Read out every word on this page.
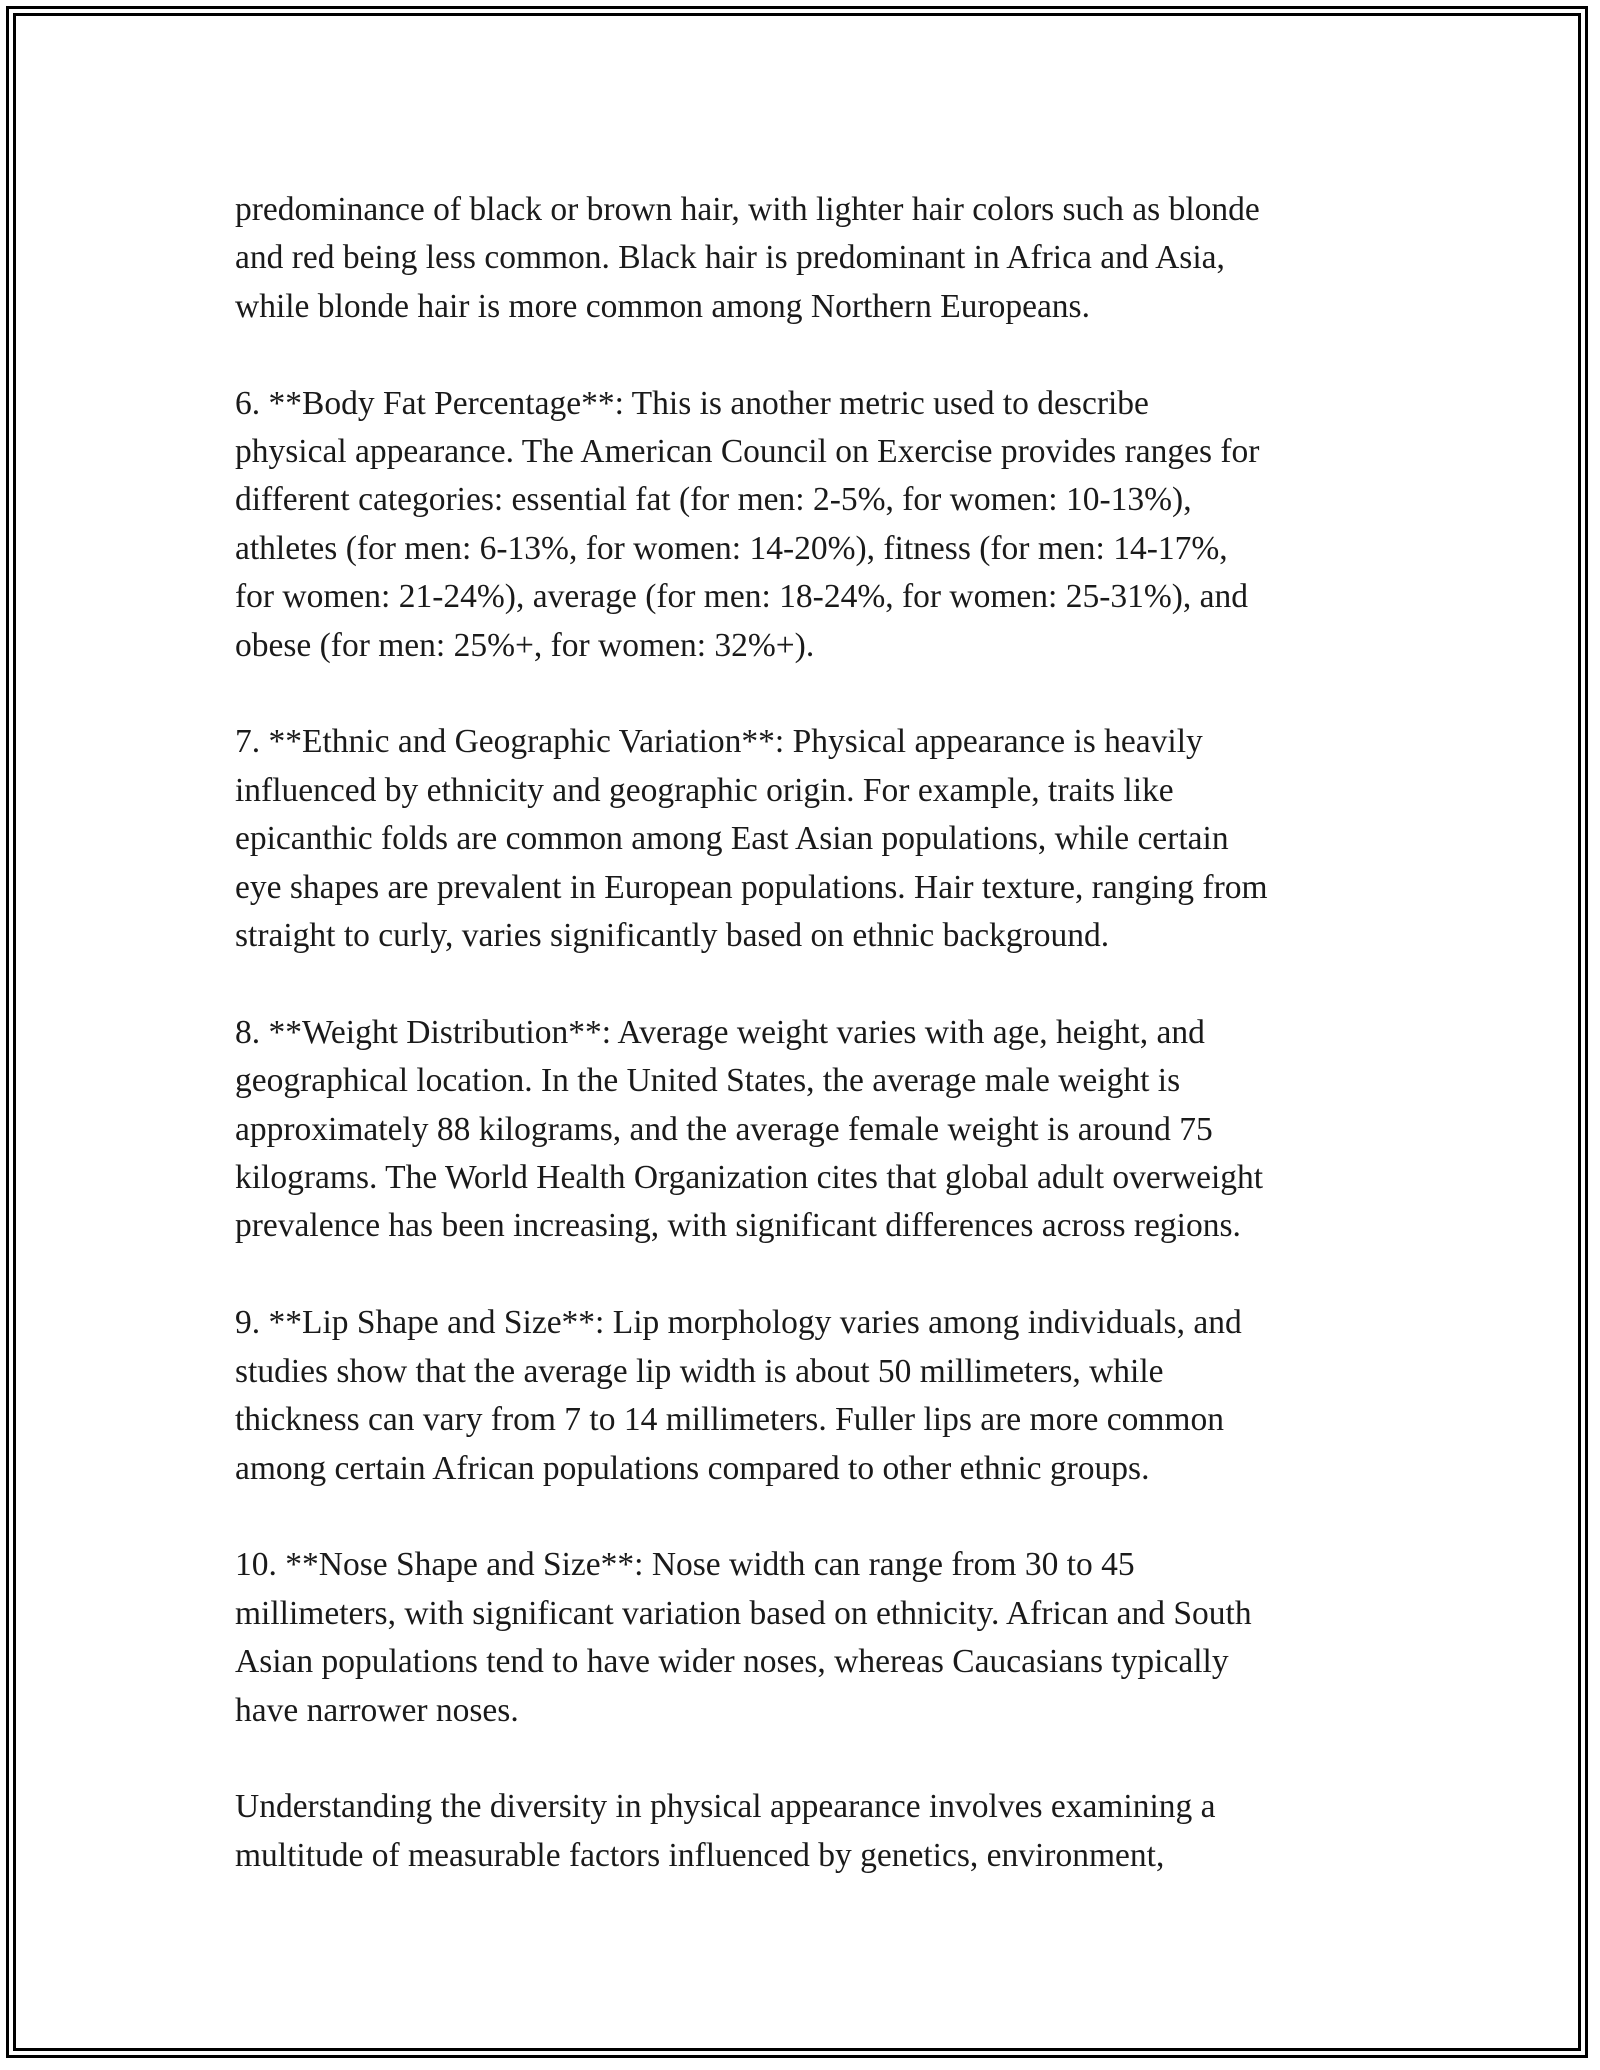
predominance of black or brown hair, with lighter hair colors such as blonde
and red being less common. Black hair is predominant in Africa and Asia,
while blonde hair is more common among Northern Europeans.

6. **Body Fat Percentage**: This is another metric used to describe
physical appearance. The American Council on Exercise provides ranges for
different categories: essential fat (for men: 2-5%, for women: 10-13%),
athletes (for men: 6-13%, for women: 14-20%), fitness (for men: 14-17%,
for women: 21-24%), average (for men: 18-24%, for women: 25-31%), and
obese (for men: 25%+, for women: 32%+).

7. **Ethnic and Geographic Variation**: Physical appearance is heavily
influenced by ethnicity and geographic origin. For example, traits like
epicanthic folds are common among East Asian populations, while certain
eye shapes are prevalent in European populations. Hair texture, ranging from
straight to curly, varies significantly based on ethnic background.

8. **Weight Distribution**: Average weight varies with age, height, and
geographical location. In the United States, the average male weight is
approximately 88 kilograms, and the average female weight is around 75
kilograms. The World Health Organization cites that global adult overweight
prevalence has been increasing, with significant differences across regions.

9. **Lip Shape and Size**: Lip morphology varies among individuals, and
studies show that the average lip width is about 50 millimeters, while
thickness can vary from 7 to 14 millimeters. Fuller lips are more common
among certain African populations compared to other ethnic groups.

10. **Nose Shape and Size**: Nose width can range from 30 to 45
millimeters, with significant variation based on ethnicity. African and South
Asian populations tend to have wider noses, whereas Caucasians typically
have narrower noses.

Understanding the diversity in physical appearance involves examining a
multitude of measurable factors influenced by genetics, environment,
